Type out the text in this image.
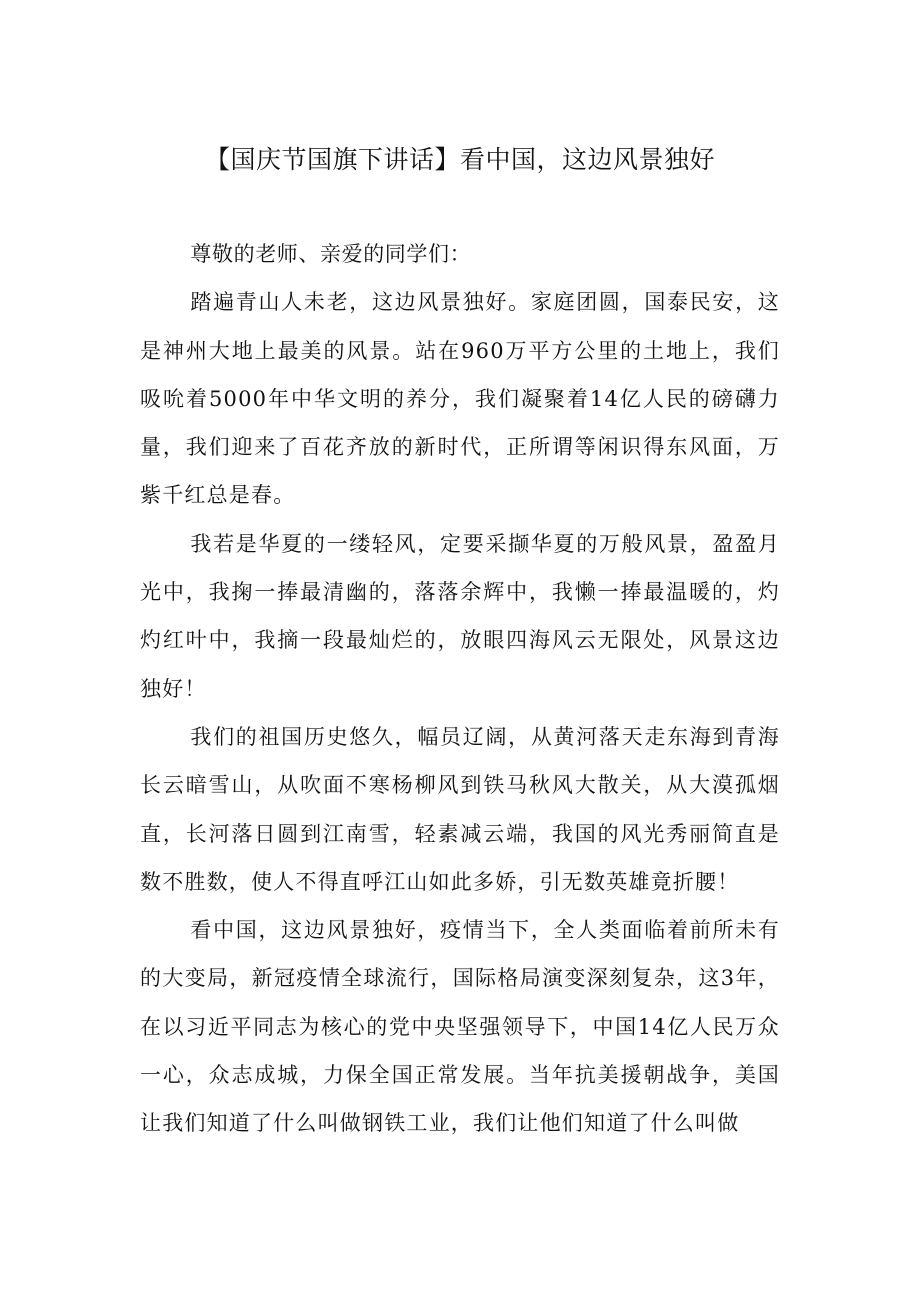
【国庆节国旗下讲话】看中国，这边风景独好

尊敬的老师、亲爱的同学们：

踏遍青山人未老，这边风景独好。家庭团圆，国泰民安，这是神州大地上最美的风景。站在960万平方公里的土地上，我们吸吮着5000年中华文明的养分，我们凝聚着14亿人民的磅礴力量，我们迎来了百花齐放的新时代，正所谓等闲识得东风面，万紫千红总是春。

我若是华夏的一缕轻风，定要采撷华夏的万般风景，盈盈月光中，我掬一捧最清幽的，落落余辉中，我懒一捧最温暖的，灼灼红叶中，我摘一段最灿烂的，放眼四海风云无限处，风景这边独好！

我们的祖国历史悠久，幅员辽阔，从黄河落天走东海到青海长云暗雪山，从吹面不寒杨柳风到铁马秋风大散关，从大漠孤烟直，长河落日圆到江南雪，轻素减云端，我国的风光秀丽简直是数不胜数，使人不得直呼江山如此多娇，引无数英雄竟折腰！

看中国，这边风景独好，疫情当下，全人类面临着前所未有的大变局，新冠疫情全球流行，国际格局演变深刻复杂，这3年，在以习近平同志为核心的党中央坚强领导下，中国14亿人民万众一心，众志成城，力保全国正常发展。当年抗美援朝战争，美国让我们知道了什么叫做钢铁工业，我们让他们知道了什么叫做
